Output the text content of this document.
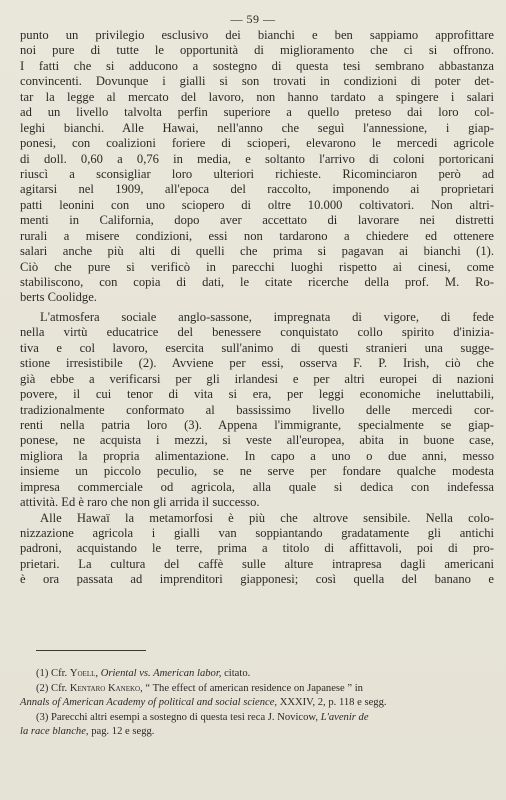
— 59 —
punto un privilegio esclusivo dei bianchi e ben sappiamo approfittare
noi pure di tutte le opportunità di miglioramento che ci si offrono.
I fatti che si adducono a sostegno di questa tesi sembrano abbastanza
convincenti. Dovunque i gialli si son trovati in condizioni di poter det-
tar la legge al mercato del lavoro, non hanno tardato a spingere i salari
ad un livello talvolta perfin superiore a quello preteso dai loro col-
leghi bianchi. Alle Hawai, nell'anno che seguì l'annessione, i giap-
ponesi, con coalizioni foriere di scioperi, elevarono le mercedi agricole
di doll. 0,60 a 0,76 in media, e soltanto l'arrivo di coloni portoricani
riuscì a sconsigliar loro ulteriori richieste. Ricominciaron però ad
agitarsi nel 1909, all'epoca del raccolto, imponendo ai proprietari
patti leonini con uno sciopero di oltre 10.000 coltivatori. Non altri-
menti in California, dopo aver accettato di lavorare nei distretti
rurali a misere condizioni, essi non tardarono a chiedere ed ottenere
salari anche più alti di quelli che prima si pagavan ai bianchi (1).
Ciò che pure si verificò in parecchi luoghi rispetto ai cinesi, come
stabiliscono, con copia di dati, le citate ricerche della prof. M. Ro-
berts Coolidge.
L'atmosfera sociale anglo-sassone, impregnata di vigore, di fede
nella virtù educatrice del benessere conquistato collo spirito d'inizia-
tiva e col lavoro, esercita sull'animo di questi stranieri una sugge-
stione irresistibile (2). Avviene per essi, osserva F. P. Irish, ciò che
già ebbe a verificarsi per gli irlandesi e per altri europei di nazioni
povere, il cui tenor di vita si era, per leggi economiche ineluttabili,
tradizionalmente conformato al bassissimo livello delle mercedi cor-
renti nella patria loro (3). Appena l'immigrante, specialmente se giap-
ponese, ne acquista i mezzi, si veste all'europea, abita in buone case,
migliora la propria alimentazione. In capo a uno o due anni, messo
insieme un piccolo peculio, se ne serve per fondare qualche modesta
impresa commerciale od agricola, alla quale si dedica con indefessa
attività. Ed è raro che non gli arrida il successo.
Alle Hawaï la metamorfosi è più che altrove sensibile. Nella colo-
nizzazione agricola i gialli van soppiantando gradatamente gli antichi
padroni, acquistando le terre, prima a titolo di affittavoli, poi di pro-
prietari. La cultura del caffè sulle alture intrapresa dagli americani
è ora passata ad imprenditori giapponesi; così quella del banano e
(1) Cfr. Yoell, Oriental vs. American labor, citato.
(2) Cfr. Kentaro Kaneko, “ The effect of american residence on Japanese ” in
Annals of American Academy of political and social science, XXXIV, 2, p. 118 e segg.
(3) Parecchi altri esempi a sostegno di questa tesi reca J. Novicow, L'avenir de
la race blanche, pag. 12 e segg.
